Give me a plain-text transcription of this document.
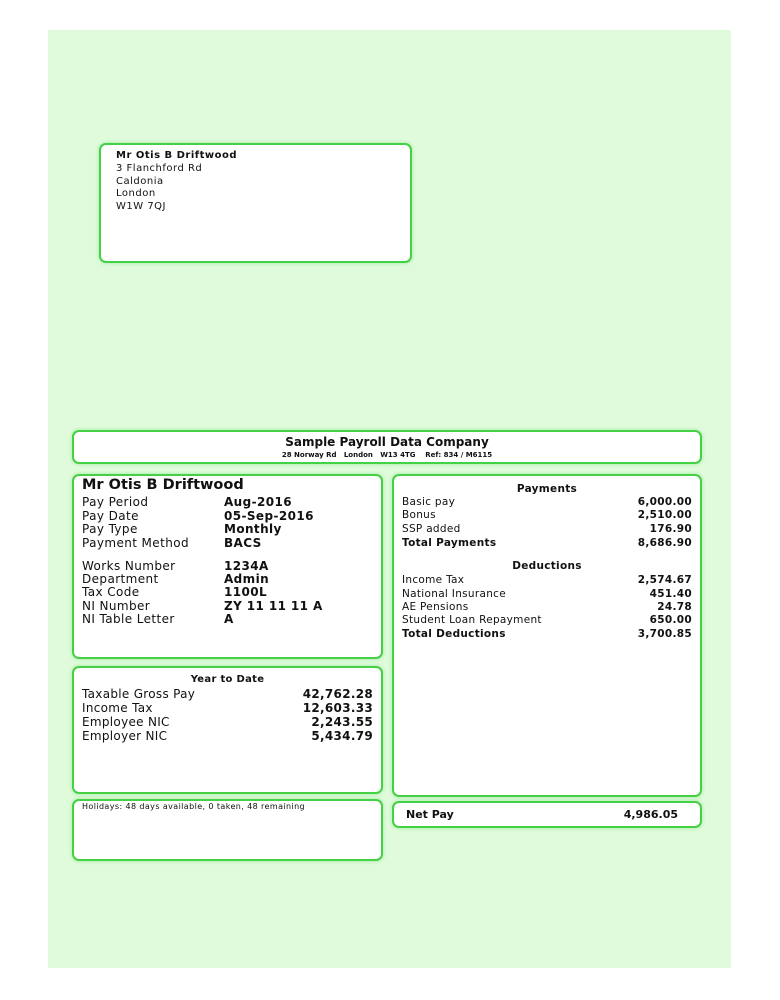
Mr Otis B Driftwood
3 Flanchford Rd
Caldonia
London
W1W 7QJ
Sample Payroll Data Company
28 Norway Rd   London   W13 4TG    Ref: 834 / M6115
Mr Otis B Driftwood
Pay Period	Aug-2016
Pay Date	05-Sep-2016
Pay Type	Monthly
Payment Method	BACS
Works Number	1234A
Department	Admin
Tax Code	1100L
NI Number	ZY 11 11 11 A
NI Table Letter	A
Payments
Basic pay	6,000.00
Bonus	2,510.00
SSP added	176.90
Total Payments	8,686.90
Deductions
Income Tax	2,574.67
National Insurance	451.40
AE Pensions	24.78
Student Loan Repayment	650.00
Total Deductions	3,700.85
Year to Date
Taxable Gross Pay	42,762.28
Income Tax	12,603.33
Employee NIC	2,243.55
Employer NIC	5,434.79
Holidays: 48 days available, 0 taken, 48 remaining
Net Pay	4,986.05
